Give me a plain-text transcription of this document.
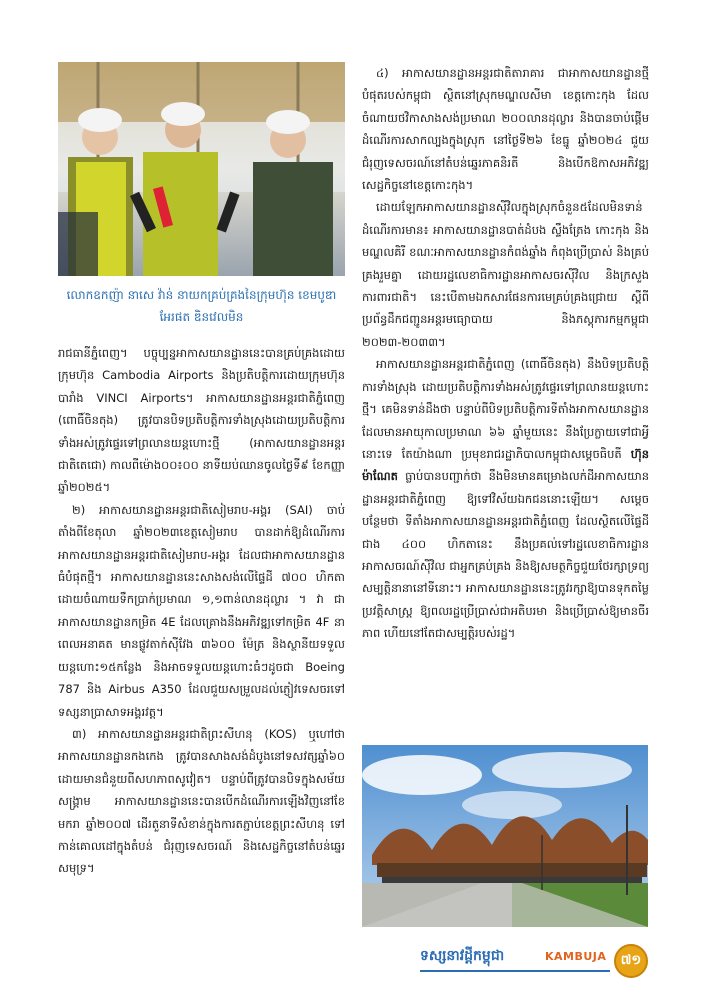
លោកឧកញ៉ា នាសេ វ៉ាន់ នាយកគ្រប់គ្រងនៃក្រុមហ៊ុន ខេមបូឌា អែរផត ឌិនវេលមិន

រាជធានីភ្នំពេញ។ បច្ចុប្បន្នអាកាសយានដ្ឋាននេះបានគ្រប់គ្រងដោយក្រុមហ៊ុន Cambodia Airports និងប្រតិបត្តិការដោយក្រុមហ៊ុនបារាំង VINCI Airports។ អាកាសយានដ្ឋានអន្តរជាតិភ្នំពេញ (ពោធិ៍ចិនតុង) ត្រូវបានបិទប្រតិបត្តិការទាំងស្រុងដោយប្រតិបត្តិការទាំងអស់ត្រូវផ្ទេរទៅព្រលានយន្តហោះថ្មី (អាកាសយានដ្ឋានអន្តរជាតិតេជោ) កាលពីម៉ោង០០៖០០ នាទីយប់ឈានចូលថ្ងៃទី៩ ខែកញ្ញា ឆ្នាំ២០២៥។

២) អាកាសយានដ្ឋានអន្តរជាតិសៀមរាប-អង្គរ (SAI) ចាប់តាំងពីខែតុលា ឆ្នាំ២០២៣ខេត្តសៀមរាប បានដាក់ឱ្យដំណើរការអាកាសយានដ្ឋានអន្តរជាតិសៀមរាប-អង្គរ ដែលជាអាកាសយានដ្ឋានធំបំផុតថ្មី។ អាកាសយានដ្ឋាននេះសាងសង់លើផ្ទៃដី ៧០០ ហិកតា ដោយចំណាយទឹកប្រាក់ប្រមាណ ១,១ពាន់លានដុល្លារ ។ វា ជាអាកាសយានដ្ឋានកម្រិត 4E ដែលគ្រោងនឹងអភិវឌ្ឍទៅកម្រិត 4F នាពេលអនាគត មានផ្លូវតាក់ស៊ីវែង ៣៦០០ ម៉ែត្រ និងស្ថានីយទទួលយន្តហោះ១៥កន្លែង និងអាចទទួលយន្តហោះធំៗដូចជា Boeing 787 និង Airbus A350 ដែលជួយសម្រួលដល់ភ្ញៀវទេសចរទៅទស្សនាប្រាសាទអង្គរវត្ត។

៣) អាកាសយានដ្ឋានអន្តរជាតិព្រះសីហនុ (KOS) ឬហៅថា អាកាសយានដ្ឋានកងកេង ត្រូវបានសាងសង់ដំបូងនៅទសវត្សឆ្នាំ៦០ ដោយមានជំនួយពីសហភាពសូវៀត។ បន្ទាប់ពីត្រូវបានបិទក្នុងសម័យសង្គ្រាម អាកាសយានដ្ឋាននេះបានបើកដំណើរការឡើងវិញនៅខែមករា ឆ្នាំ២០០៧ ដើរតួនាទីសំខាន់ក្នុងការតភ្ជាប់ខេត្តព្រះសីហនុ ទៅកាន់គោលដៅក្នុងតំបន់ ជំរុញទេសចរណ៍ និងសេដ្ឋកិច្ចនៅតំបន់ឆ្នេរសមុទ្រ។

៤) អាកាសយានដ្ឋានអន្តរជាតិតារាគារ ជាអាកាសយានដ្ឋានថ្មីបំផុតរបស់កម្ពុជា ស្ថិតនៅស្រុកមណ្ឌលសីមា ខេត្តកោះកុង ដែលចំណាយថវិកាសាងសង់ប្រមាណ ២០០លានដុល្លារ និងបានចាប់ផ្តើមដំណើរការសាកល្បងក្នុងស្រុក នៅថ្ងៃទី២៦ ខែធ្នូ ឆ្នាំ២០២៤ ជួយជំរុញទេសចរណ៍នៅតំបន់ឆ្នេរភាគនិរតី និងបើកឱកាសអភិវឌ្ឍសេដ្ឋកិច្ចនៅខេត្តកោះកុង។

ដោយឡែកអាកាសយានដ្ឋានស៊ីវិលក្នុងស្រុកចំនួន៥ដែលមិនទាន់ដំណើរការមាន៖ អាកាសយានដ្ឋានបាត់ដំបង ស្ទឹងត្រែង កោះកុង និងមណ្ឌលគិរី ខណៈអាកាសយានដ្ឋានកំពង់ឆ្នាំង កំពុងប្រើប្រាស់ និងគ្រប់គ្រងរួមគ្នា ដោយរដ្ឋលេខាធិការដ្ឋានអាកាសចរស៊ីវិល និងក្រសួងការពារជាតិ។ នេះបើតាមឯកសារផែនការមេគ្រប់គ្រងជ្រោយ ស្តីពីប្រព័ន្ធដឹកជញ្ជូនអន្តរមធ្យោបាយ និងភស្តុភារកម្មកម្ពុជា ២០២៣-២០៣៣។

អាកាសយានដ្ឋានអន្តរជាតិភ្នំពេញ (ពោធិ៍ចិនតុង) នឹងបិទប្រតិបត្តិការទាំងស្រុង ដោយប្រតិបត្តិការទាំងអស់ត្រូវផ្ទេរទៅព្រលានយន្តហោះថ្មី។ គេមិនទាន់ដឹងថា បន្ទាប់ពីបិទប្រតិបត្តិការទីតាំងអាកាសយានដ្ឋាន ដែលមានអាយុកាលប្រមាណ ៦៦ ឆ្នាំមួយនេះ នឹងប្រែក្លាយទៅជាអ្វីនោះទេ តែយ៉ាងណា ប្រមុខរាជរដ្ឋាភិបាលកម្ពុជាសម្តេចធិបតី ហ៊ុន ម៉ាណែត ធ្លាប់បានបញ្ជាក់ថា នឹងមិនមានគម្រោងលក់ដីអាកាសយានដ្ឋានអន្តរជាតិភ្នំពេញ ឱ្យទៅវិស័យឯកជននោះឡើយ។ សម្តេចបន្ថែមថា ទីតាំងអាកាសយានដ្ឋានអន្តរជាតិភ្នំពេញ ដែលស្ថិតលើផ្ទៃដីជាង ៤០០ ហិកតានេះ នឹងប្រគល់ទៅរដ្ឋលេខាធិការដ្ឋានអាកាសចរណ៍ស៊ីវិល ជាអ្នកគ្រប់គ្រង និងឱ្យសមត្ថកិច្ចជួយថែរក្សាទ្រព្យសម្បត្តិនានានៅទីនោះ។ អាកាសយានដ្ឋាននេះត្រូវរក្សាឱ្យបានទុកតម្លៃប្រវត្តិសាស្ត្រ ឱ្យពលរដ្ឋប្រើប្រាស់ជាអតិបរមា និងប្រើប្រាស់ឱ្យមានចីរភាព ហើយនៅតែជាសម្បត្តិរបស់រដ្ឋ។

ទស្សនាវដ្តីកម្ពុជា	KAMBUJA	៧១
